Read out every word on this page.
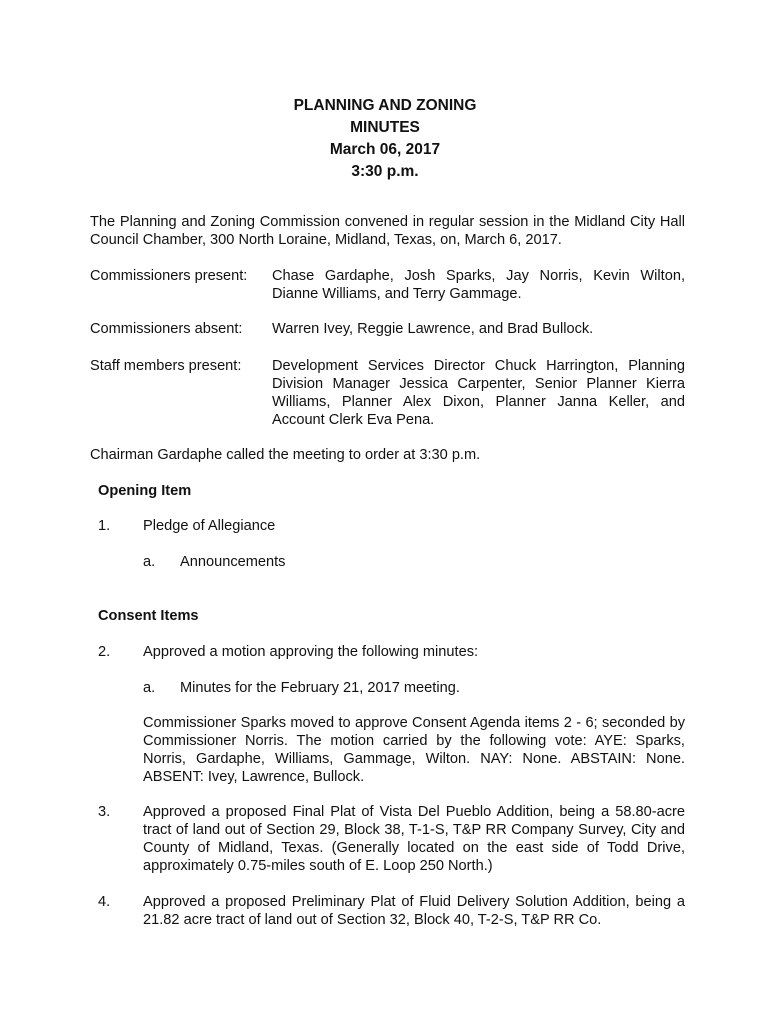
PLANNING AND ZONING
MINUTES
March 06, 2017
3:30 p.m.
The Planning and Zoning Commission convened in regular session in the Midland City Hall Council Chamber, 300 North Loraine, Midland, Texas, on, March 6, 2017.
Commissioners present:	Chase Gardaphe, Josh Sparks, Jay Norris, Kevin Wilton, Dianne Williams, and Terry Gammage.
Commissioners absent:	Warren Ivey, Reggie Lawrence, and Brad Bullock.
Staff members present:	Development Services Director Chuck Harrington, Planning Division Manager Jessica Carpenter, Senior Planner Kierra Williams, Planner Alex Dixon, Planner Janna Keller, and Account Clerk Eva Pena.
Chairman Gardaphe called the meeting to order at 3:30 p.m.
Opening Item
1.	Pledge of Allegiance
a.	Announcements
Consent Items
2.	Approved a motion approving the following minutes:
a.	Minutes for the February 21, 2017 meeting.
Commissioner Sparks moved to approve Consent Agenda items 2 - 6; seconded by Commissioner Norris. The motion carried by the following vote: AYE: Sparks, Norris, Gardaphe, Williams, Gammage, Wilton. NAY: None. ABSTAIN: None. ABSENT: Ivey, Lawrence, Bullock.
3.	Approved a proposed Final Plat of Vista Del Pueblo Addition, being a 58.80-acre tract of land out of Section 29, Block 38, T-1-S, T&P RR Company Survey, City and County of Midland, Texas. (Generally located on the east side of Todd Drive, approximately 0.75-miles south of E. Loop 250 North.)
4.	Approved a proposed Preliminary Plat of Fluid Delivery Solution Addition, being a 21.82 acre tract of land out of Section 32, Block 40, T-2-S, T&P RR Co.
